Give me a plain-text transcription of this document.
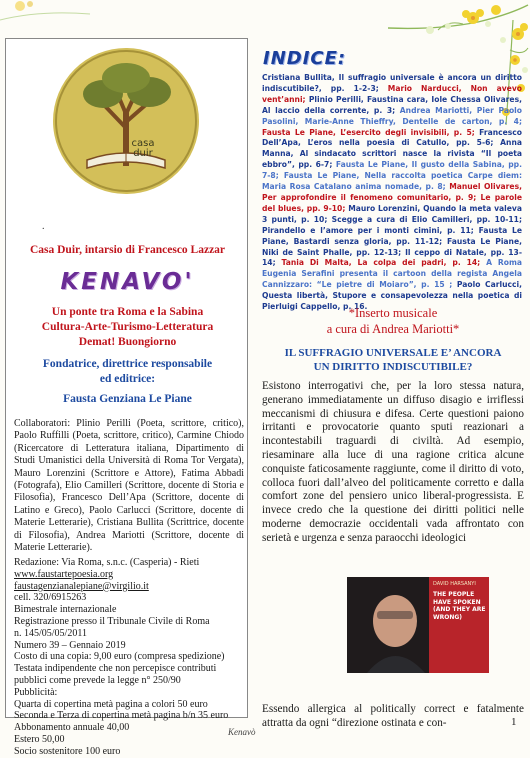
casa
duir
.
Casa Duir, intarsio di Francesco Lazzar
KENAVO'
Un ponte tra Roma e la Sabina
Cultura-Arte-Turismo-Letteratura
Demat! Buongiorno
Fondatrice, direttrice responsabile
ed editrice:
Fausta Genziana Le Piane
Collaboratori: Plinio Perilli (Poeta, scrittore, critico), Paolo Ruffilli (Poeta, scrittore, critico), Carmine Chiodo (Ricercatore di Letteratura italiana, Dipartimento di Studi Umanistici della Università di Roma Tor Vergata), Mauro Lorenzini (Scrittore e Attore), Fatima Abbadi (Fotografa), Elio Camilleri (Scrittore, docente di Storia e Filosofia), Francesco Dell’Apa (Scrittore, docente di Latino e Greco), Paolo Carlucci (Scrittore, docente di Materie Letterarie), Cristiana Bullita (Scrittrice, docente di Filosofia), Andrea Mariotti (Scrittore, docente di Materie Letterarie).
Redazione: Via Roma, s.n.c. (Casperia) - Rieti
www.faustartepoesia.org
faustagenzianalepiane@virgilio.it
cell. 320/6915263
Bimestrale internazionale
Registrazione presso il Tribunale Civile di Roma
n. 145/05/05/2011
Numero 39 – Gennaio 2019
Costo di una copia: 9,00 euro (compresa spedizione)
Testata indipendente che non percepisce contributi pubblici come prevede la legge n° 250/90
Pubblicità:
Quarta di copertina metà pagina a colori 50 euro
Seconda e Terza di copertina metà pagina b/n 35 euro
Abbonamento annuale 40,00
Estero 50,00
Socio sostenitore 100 euro
INDICE:
Cristiana Bullita, Il suffragio universale è ancora un diritto indiscutibile?, pp. 1-2-3; Mario Narducci, Non avevo vent’anni; Plinio Perilli, Faustina cara, Iole Chessa Olivares, Al laccio della corrente, p. 3; Andrea Mariotti, Pier Paolo Pasolini, Marie-Anne Thieffry, Dentelle de carton, p. 4; Fausta Le Piane, L’esercito degli invisibili, p. 5; Francesco Dell’Apa, L’eros nella poesia di Catullo, pp. 5-6; Anna Manna, Al sindacato scrittori nasce la rivista “Il poeta ebbro”, pp. 6-7; Fausta Le Piane, Il gusto della Sabina, pp. 7-8; Fausta Le Piane, Nella raccolta poetica Carpe diem: Maria Rosa Catalano anima nomade, p. 8; Manuel Olivares, Per approfondire il fenomeno comunitario, p. 9; Le parole del blues, pp. 9-10; Mauro Lorenzini, Quando la meta valeva 3 punti, p. 10; Scegge a cura di Elio Camilleri, pp. 10-11; Pirandello e l’amore per i monti cimini, p. 11; Fausta Le Piane, Bastardi senza gloria, pp. 11-12; Fausta Le Piane, Niki de Saint Phalle, pp. 12-13; Il ceppo di Natale, pp. 13-14; Tania Di Malta, La colpa dei padri, p. 14; A Roma Eugenia Serafini presenta il cartoon della regista Angela Cannizzaro: “Le pietre di Moiaro”, p. 15 ; Paolo Carlucci, Questa libertà, Stupore e consapevolezza nella poetica di Pierluigi Cappello, p. 16.
*Inserto musicale
a cura di Andrea Mariotti*
IL SUFFRAGIO UNIVERSALE E’ ANCORA
UN DIRITTO INDISCUTIBILE?
Esistono interrogativi che, per la loro stessa natura, generano immediatamente un diffuso disagio e irriflessi meccanismi di chiusura e difesa. Certe questioni paiono irritanti e provocatorie quanto sputi reazionari a incontestabili traguardi di civiltà. Ad esempio, riesaminare alla luce di una ragione critica alcune conquiste faticosamente raggiunte, come il diritto di voto, colloca fuori dall’alveo del politicamente corretto e dalla comfort zone del pensiero unico liberal-progressista. E invece credo che la questione dei diritti politici nelle moderne democrazie occidentali vada affrontato con serietà e urgenza e senza paraocchi ideologici
DAVID HARSANYI
THE PEOPLE HAVE SPOKEN (AND THEY ARE WRONG)
Essendo allergica al politically correct e fatalmente attratta da ogni “direzione ostinata e con-
Kenavò
1
